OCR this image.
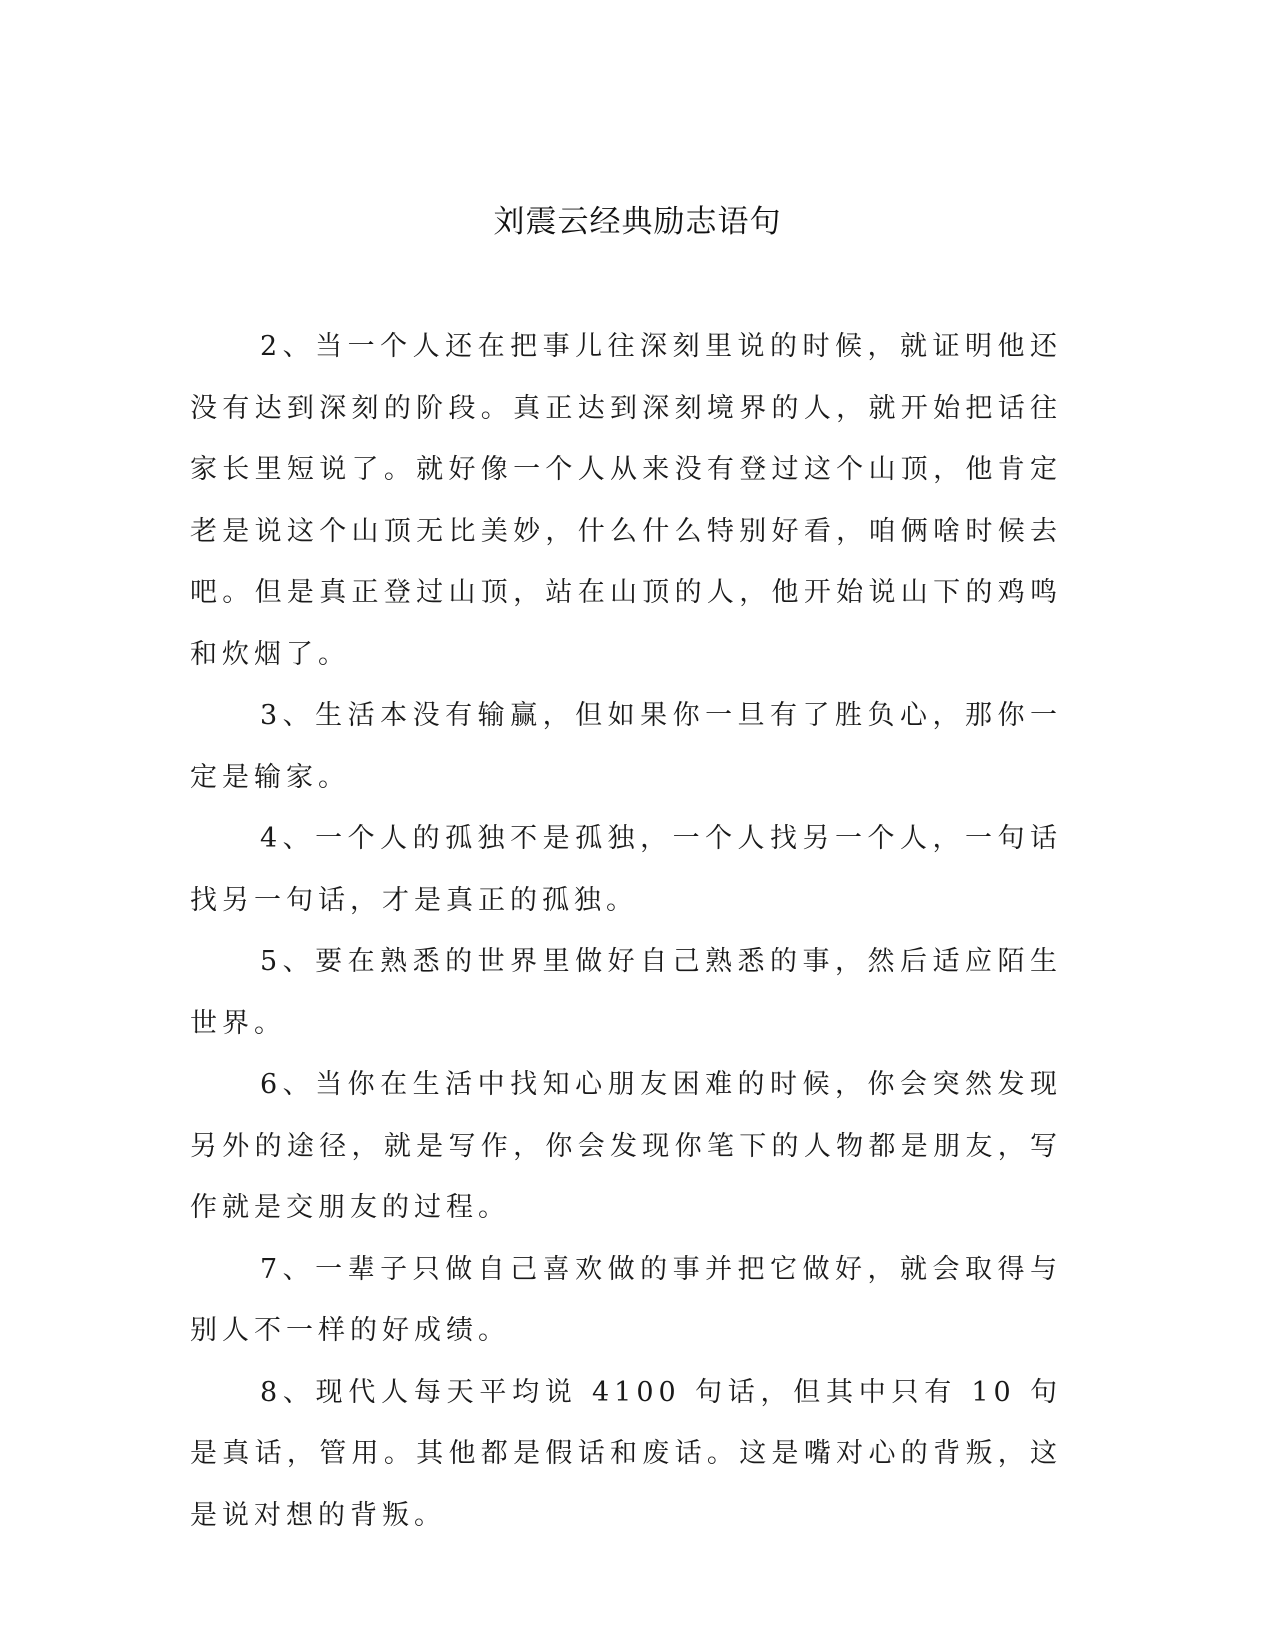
刘震云经典励志语句

2、当一个人还在把事儿往深刻里说的时候，就证明他还没有达到深刻的阶段。真正达到深刻境界的人，就开始把话往家长里短说了。就好像一个人从来没有登过这个山顶，他肯定老是说这个山顶无比美妙，什么什么特别好看，咱俩啥时候去吧。但是真正登过山顶，站在山顶的人，他开始说山下的鸡鸣和炊烟了。

3、生活本没有输赢，但如果你一旦有了胜负心，那你一定是输家。

4、一个人的孤独不是孤独，一个人找另一个人，一句话找另一句话，才是真正的孤独。

5、要在熟悉的世界里做好自己熟悉的事，然后适应陌生世界。

6、当你在生活中找知心朋友困难的时候，你会突然发现另外的途径，就是写作，你会发现你笔下的人物都是朋友，写作就是交朋友的过程。

7、一辈子只做自己喜欢做的事并把它做好，就会取得与别人不一样的好成绩。

8、现代人每天平均说 4100 句话，但其中只有 10 句是真话，管用。其他都是假话和废话。这是嘴对心的背叛，这是说对想的背叛。
